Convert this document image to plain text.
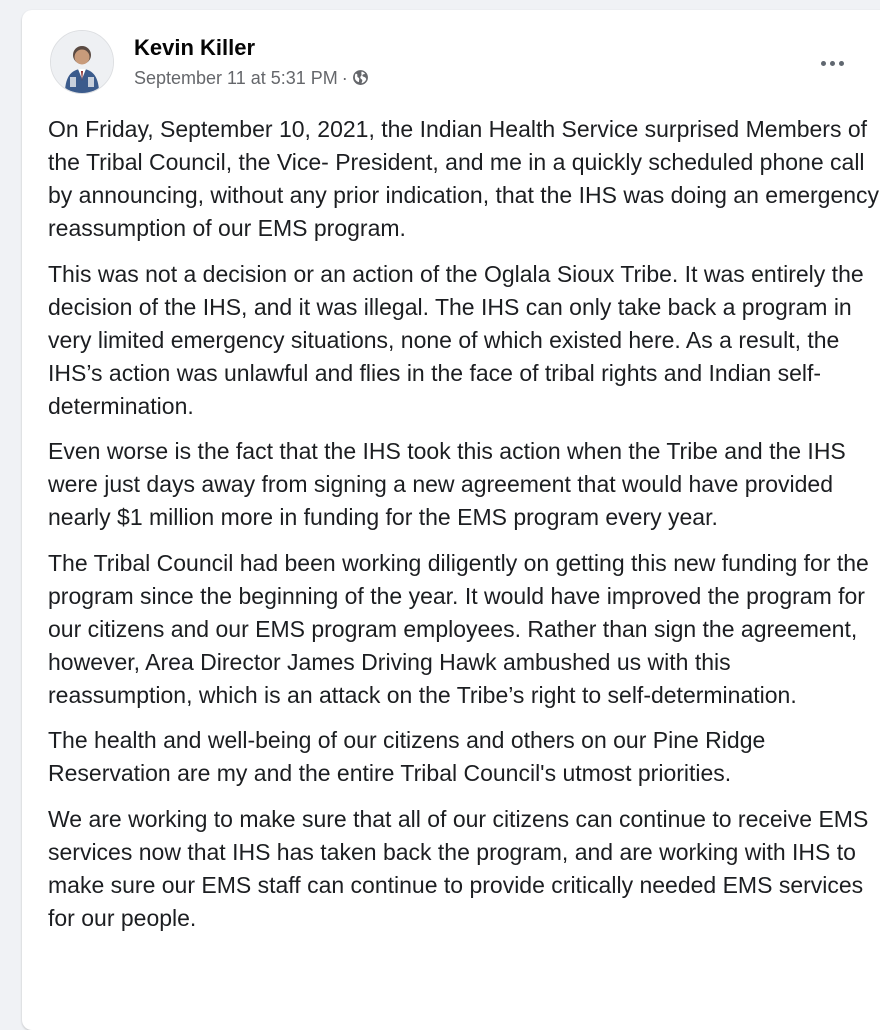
Kevin Killer
September 11 at 5:31 PM ·

On Friday, September 10, 2021, the Indian Health Service surprised Members of the Tribal Council, the Vice- President, and me in a quickly scheduled phone call by announcing, without any prior indication, that the IHS was doing an emergency reassumption of our EMS program.

This was not a decision or an action of the Oglala Sioux Tribe. It was entirely the decision of the IHS, and it was illegal. The IHS can only take back a program in very limited emergency situations, none of which existed here. As a result, the IHS’s action was unlawful and flies in the face of tribal rights and Indian self-determination.

Even worse is the fact that the IHS took this action when the Tribe and the IHS were just days away from signing a new agreement that would have provided nearly $1 million more in funding for the EMS program every year.

The Tribal Council had been working diligently on getting this new funding for the program since the beginning of the year. It would have improved the program for our citizens and our EMS program employees. Rather than sign the agreement, however, Area Director James Driving Hawk ambushed us with this reassumption, which is an attack on the Tribe’s right to self-determination.

The health and well-being of our citizens and others on our Pine Ridge Reservation are my and the entire Tribal Council's utmost priorities.

We are working to make sure that all of our citizens can continue to receive EMS services now that IHS has taken back the program, and are working with IHS to make sure our EMS staff can continue to provide critically needed EMS services for our people.
